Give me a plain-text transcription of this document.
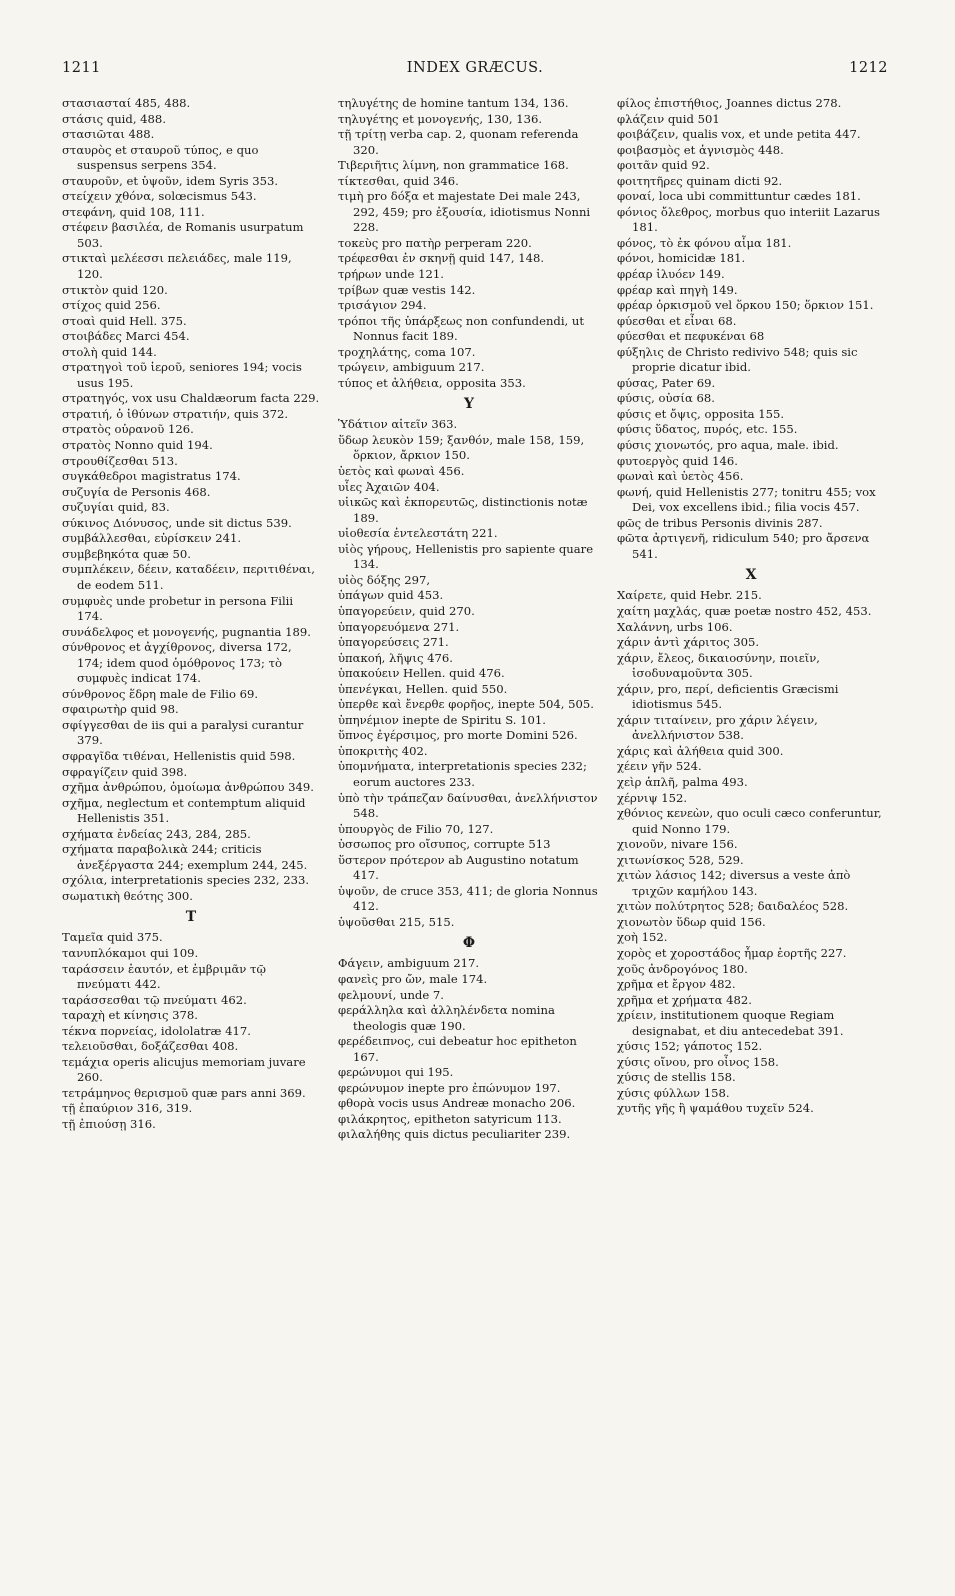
1211	INDEX GRÆCUS.	1212
στασιασταί 485, 488.
στάσις quid, 488.
στασιῶται 488.
σταυρὸς et σταυροῦ τύπος, e quo suspensus serpens 354.
σταυροῦν, et ὑψοῦν, idem Syris 353.
στείχειν χθόνα, solœcismus 543.
στεφάνη, quid 108, 111.
στέφειν βασιλέα, de Romanis usurpatum 503.
στικταὶ μελέεσσι πελειάδες, male 119, 120.
στικτὸν quid 120.
στίχος quid 256.
στοαὶ quid Hell. 375.
στοιβάδες Marci 454.
στολὴ quid 144.
στρατηγοὶ τοῦ ἱεροῦ, seniores 194; vocis usus 195.
στρατηγός, vox usu Chaldæorum facta 229.
στρατιή, ὁ ἰθύνων στρατιήν, quis 372.
στρατὸς οὐρανοῦ 126.
στρατὸς Nonno quid 194.
στρουθίζεσθαι 513.
συγκάθεδροι magistratus 174.
συζυγία de Personis 468.
συζυγίαι quid, 83.
σύκινος Διόνυσος, unde sit dictus 539.
συμβάλλεσθαι, εὑρίσκειν 241.
συμβεβηκότα quæ 50.
συμπλέκειν, δέειν, καταδέειν, περιτιθέναι, de eodem 511.
συμφυὲς unde probetur in persona Filii 174.
συνάδελφος et μονογενής, pugnantia 189.
σύνθρονος et ἀγχίθρονος, diversa 172, 174; idem quod ὁμόθρονος 173; τὸ συμφυὲς indicat 174.
σύνθρονος ἕδρη male de Filio 69.
σφαιρωτὴρ quid 98.
σφίγγεσθαι de iis qui a paralysi curantur 379.
σφραγῖδα τιθέναι, Hellenistis quid 598.
σφραγίζειν quid 398.
σχῆμα ἀνθρώπου, ὁμοίωμα ἀνθρώπου 349.
σχῆμα, neglectum et contemptum aliquid Hellenistis 351.
σχήματα ἐνδείας 243, 284, 285.
σχήματα παραβολικὰ 244; criticis ἀνεξέργαστα 244; exemplum 244, 245.
σχόλια, interpretationis species 232, 233.
σωματικὴ θεότης 300.
T
Ταμεῖα quid 375.
τανυπλόκαμοι qui 109.
ταράσσειν ἑαυτόν, et ἐμβριμᾶν τῷ πνεύματι 442.
ταράσσεσθαι τῷ πνεύματι 462.
ταραχὴ et κίνησις 378.
τέκνα πορνείας, idololatræ 417.
τελειοῦσθαι, δοξάζεσθαι 408.
τεμάχια operis alicujus memoriam juvare 260.
τετράμηνος θερισμοῦ quæ pars anni 369.
τῇ ἐπαύριον 316, 319.
τῇ ἐπιούσῃ 316.
τηλυγέτης de homine tantum 134, 136.
τηλυγέτης et μονογενής, 130, 136.
τῇ τρίτῃ verba cap. 2, quonam referenda 320.
Τιβεριῆτις λίμνη, non grammatice 168.
τίκτεσθαι, quid 346.
τιμὴ pro δόξα et majestate Dei male 243, 292, 459; pro ἐξουσία, idiotismus Nonni 228.
τοκεὺς pro πατὴρ perperam 220.
τρέφεσθαι ἐν σκηνῇ quid 147, 148.
τρήρων unde 121.
τρίβων quæ vestis 142.
τρισάγιον 294.
τρόποι τῆς ὑπάρξεως non confundendi, ut Nonnus facit 189.
τροχηλάτης, coma 107.
τρώγειν, ambiguum 217.
τύπος et ἀλήθεια, opposita 353.
Υ
Ὑδάτιον αἰτεῖν 363.
ὕδωρ λευκὸν 159; ξανθόν, male 158, 159, ὅρκιον, ἄρκιον 150.
ὑετὸς καὶ φωναὶ 456.
υἷες Ἀχαιῶν 404.
υἱικῶς καὶ ἐκπορευτῶς, distinctionis notæ 189.
υἱοθεσία ἐντελεστάτη 221.
υἱὸς γήρους, Hellenistis pro sapiente quare 134.
υἱὸς δόξης 297,
ὑπάγων quid 453.
ὑπαγορεύειν, quid 270.
ὑπαγορευόμενα 271.
ὑπαγορεύσεις 271.
ὑπακοή, λῆψις 476.
ὑπακούειν Hellen. quid 476.
ὑπενέγκαι, Hellen. quid 550.
ὑπερθε καὶ ἔνερθε φορῆος, inepte 504, 505.
ὑπηνέμιον inepte de Spiritu S. 101.
ὕπνος ἐγέρσιμος, pro morte Domini 526.
ὑποκριτὴς 402.
ὑπομνήματα, interpretationis species 232; eorum auctores 233.
ὑπὸ τὴν τράπεζαν δαίνυσθαι, ἀνελλήνιστον 548.
ὑπουργὸς de Filio 70, 127.
ὑσσωπος pro οἴσυπος, corrupte 513
ὕστερον πρότερον ab Augustino notatum 417.
ὑψοῦν, de cruce 353, 411; de gloria Nonnus 412.
ὑψοῦσθαι 215, 515.
Φ
Φάγειν, ambiguum 217.
φανεὶς pro ὤν, male 174.
φελμουνί, unde 7.
φεράλληλα καὶ ἀλληλένδετα nomina theologis quæ 190.
φερέδειπνος, cui debeatur hoc epitheton 167.
φερώνυμοι qui 195.
φερώνυμον inepte pro ἐπώνυμον 197.
φθορὰ vocis usus Andreæ monacho 206.
φιλάκρητος, epitheton satyricum 113.
φιλαλήθης quis dictus peculiariter 239.
φίλος ἐπιστήθιος, Joannes dictus 278.
φλάζειν quid 501
φοιβάζειν, qualis vox, et unde petita 447.
φοιβασμὸς et ἁγνισμὸς 448.
φοιτᾶν quid 92.
φοιτητῆρες quinam dicti 92.
φοναί, loca ubi committuntur cædes 181.
φόνιος ὄλεθρος, morbus quo interiit Lazarus 181.
φόνος, τὸ ἐκ φόνου αἷμα 181.
φόνοι, homicidæ 181.
φρέαρ ἰλυόεν 149.
φρέαρ καὶ πηγὴ 149.
φρέαρ ὁρκισμοῦ vel ὅρκου 150; ὅρκιον 151.
φύεσθαι et εἶναι 68.
φύεσθαι et πεφυκέναι 68
φύξηλις de Christo redivivo 548; quis sic proprie dicatur ibid.
φύσας, Pater 69.
φύσις, οὐσία 68.
φύσις et ὄψις, opposita 155.
φύσις ὕδατος, πυρός, etc. 155.
φύσις χιονωτός, pro aqua, male. ibid.
φυτοεργὸς quid 146.
φωναὶ καὶ ὑετὸς 456.
φωνή, quid Hellenistis 277; tonitru 455; vox Dei, vox excellens ibid.; filia vocis 457.
φῶς de tribus Personis divinis 287.
φῶτα ἀρτιγενῆ, ridiculum 540; pro ἄρσενα 541.
X
Χαίρετε, quid Hebr. 215.
χαίτη μαχλάς, quæ poetæ nostro 452, 453.
Χαλάννη, urbs 106.
χάριν ἀντὶ χάριτος 305.
χάριν, ἔλεος, δικαιοσύνην, ποιεῖν, ἰσοδυναμοῦντα 305.
χάριν, pro, περί, deficientis Græcismi idiotismus 545.
χάριν τιταίνειν, pro χάριν λέγειν, ἀνελλήνιστον 538.
χάρις καὶ ἀλήθεια quid 300.
χέειν γῆν 524.
χεὶρ ἁπλῆ, palma 493.
χέρνιψ 152.
χθόνιος κενεὼν, quo oculi cæco conferuntur, quid Nonno 179.
χιονοῦν, nivare 156.
χιτωνίσκος 528, 529.
χιτὼν λάσιος 142; diversus a veste ἀπὸ τριχῶν καμήλου 143.
χιτὼν πολύτρητος 528; δαιδαλέος 528.
χιονωτὸν ὕδωρ quid 156.
χοὴ 152.
χορὸς et χοροστάδος ἦμαρ ἑορτῆς 227.
χοῦς ἀνδρογόνος 180.
χρῆμα et ἔργον 482.
χρῆμα et χρήματα 482.
χρίειν, institutionem quoque Regiam designabat, et diu antecedebat 391.
χύσις 152; γάποτος 152.
χύσις οἴνου, pro οἶνος 158.
χύσις de stellis 158.
χύσις φύλλων 158.
χυτῆς γῆς ἢ ψαμάθου τυχεῖν 524.
